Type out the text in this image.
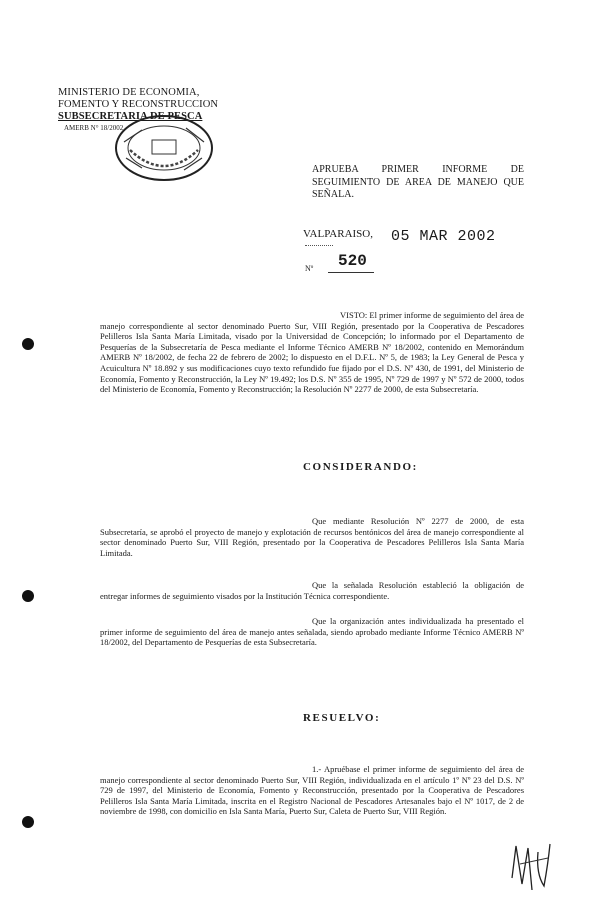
MINISTERIO DE ECONOMIA,
FOMENTO Y RECONSTRUCCION
SUBSECRETARIA DE PESCA
AMERB N° 18/2002
APRUEBA PRIMER INFORME DE SEGUIMIENTO DE AREA DE MANEJO QUE SEÑALA.
VALPARAISO, 05 MAR 2002
Nº 520
VISTO: El primer informe de seguimiento del área de manejo correspondiente al sector denominado Puerto Sur, VIII Región, presentado por la Cooperativa de Pescadores Pelilleros Isla Santa María Limitada, visado por la Universidad de Concepción; lo informado por el Departamento de Pesquerías de la Subsecretaría de Pesca mediante el Informe Técnico AMERB Nº 18/2002, contenido en Memorándum AMERB Nº 18/2002, de fecha 22 de febrero de 2002; lo dispuesto en el D.F.L. Nº 5, de 1983; la Ley General de Pesca y Acuicultura Nº 18.892 y sus modificaciones cuyo texto refundido fue fijado por el D.S. Nº 430, de 1991, del Ministerio de Economía, Fomento y Reconstrucción, la Ley Nº 19.492; los D.S. Nº 355 de 1995, Nº 729 de 1997 y Nº 572 de 2000, todos del Ministerio de Economía, Fomento y Reconstrucción; la Resolución Nº 2277 de 2000, de esta Subsecretaría.
CONSIDERANDO:
Que mediante Resolución Nº 2277 de 2000, de esta Subsecretaría, se aprobó el proyecto de manejo y explotación de recursos bentónicos del área de manejo correspondiente al sector denominado Puerto Sur, VIII Región, presentado por la Cooperativa de Pescadores Pelilleros Isla Santa María Limitada.
Que la señalada Resolución estableció la obligación de entregar informes de seguimiento visados por la Institución Técnica correspondiente.
Que la organización antes individualizada ha presentado el primer informe de seguimiento del área de manejo antes señalada, siendo aprobado mediante Informe Técnico AMERB Nº 18/2002, del Departamento de Pesquerías de esta Subsecretaría.
RESUELVO:
1.- Apruébase el primer informe de seguimiento del área de manejo correspondiente al sector denominado Puerto Sur, VIII Región, individualizada en el artículo 1º Nº 23 del D.S. Nº 729 de 1997, del Ministerio de Economía, Fomento y Reconstrucción, presentado por la Cooperativa de Pescadores Pelilleros Isla Santa María Limitada, inscrita en el Registro Nacional de Pescadores Artesanales bajo el Nº 1017, de 2 de noviembre de 1998, con domicilio en Isla Santa María, Puerto Sur, Caleta de Puerto Sur, VIII Región.
